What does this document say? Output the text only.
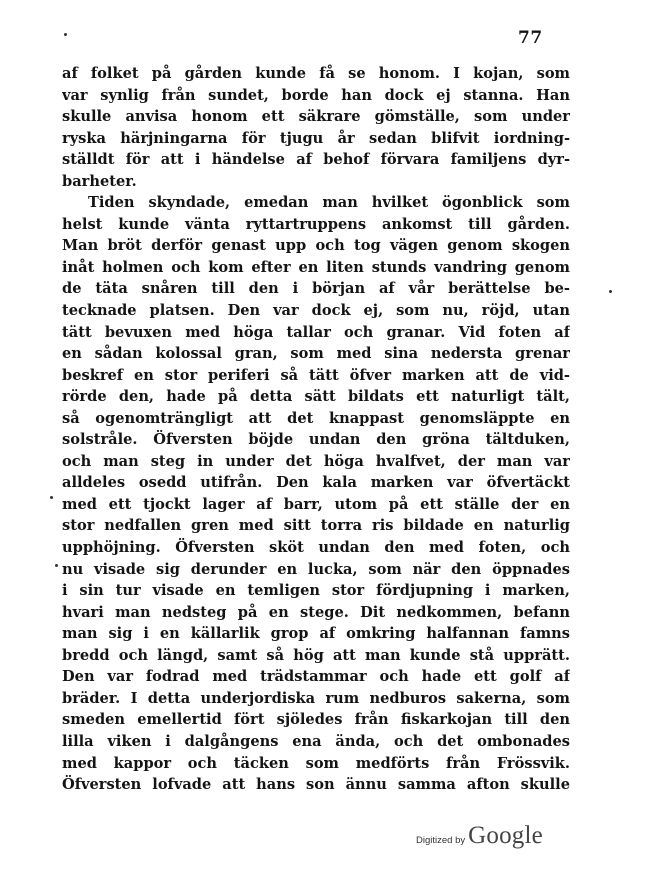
77
af folket på gården kunde få se honom. I kojan, som
var synlig från sundet, borde han dock ej stanna. Han
skulle anvisa honom ett säkrare gömställe, som under
ryska härjningarna för tjugu år sedan blifvit iordning-
ställdt för att i händelse af behof förvara familjens dyr-
barheter.
Tiden skyndade, emedan man hvilket ögonblick som
helst kunde vänta ryttartruppens ankomst till gården.
Man bröt derför genast upp och tog vägen genom skogen
inåt holmen och kom efter en liten stunds vandring genom
de täta snåren till den i början af vår berättelse be-
tecknade platsen. Den var dock ej, som nu, röjd, utan
tätt bevuxen med höga tallar och granar. Vid foten af
en sådan kolossal gran, som med sina nedersta grenar
beskref en stor periferi så tätt öfver marken att de vid-
rörde den, hade på detta sätt bildats ett naturligt tält,
så ogenomträngligt att det knappast genomsläppte en
solstråle. Öfversten böjde undan den gröna tältduken,
och man steg in under det höga hvalfvet, der man var
alldeles osedd utifrån. Den kala marken var öfvertäckt
med ett tjockt lager af barr, utom på ett ställe der en
stor nedfallen gren med sitt torra ris bildade en naturlig
upphöjning. Öfversten sköt undan den med foten, och
nu visade sig derunder en lucka, som när den öppnades
i sin tur visade en temligen stor fördjupning i marken,
hvari man nedsteg på en stege. Dit nedkommen, befann
man sig i en källarlik grop af omkring halfannan famns
bredd och längd, samt så hög att man kunde stå upprätt.
Den var fodrad med trädstammar och hade ett golf af
bräder. I detta underjordiska rum nedburos sakerna, som
smeden emellertid fört sjöledes från fiskarkojan till den
lilla viken i dalgångens ena ända, och det ombonades
med kappor och täcken som medförts från Frössvik.
Öfversten lofvade att hans son ännu samma afton skulle
Digitized by Google
